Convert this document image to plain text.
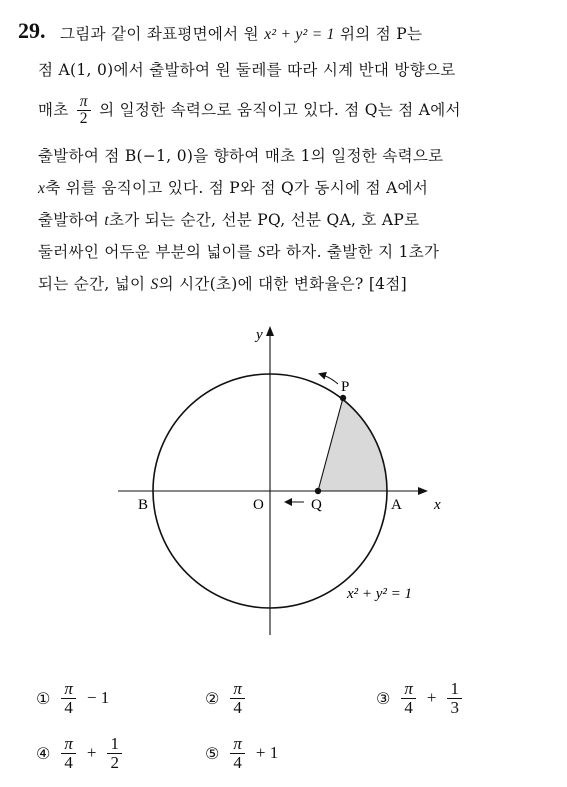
29. 그림과 같이 좌표평면에서 원 x² + y² = 1 위의 점 P는
점 A(1, 0)에서 출발하여 원 둘레를 따라 시계 반대 방향으로
매초 $\frac{\pi}{2}$ 의 일정한 속력으로 움직이고 있다. 점 Q는 점 A에서
출발하여 점 B(−1, 0)을 향하여 매초 1의 일정한 속력으로
x축 위를 움직이고 있다. 점 P와 점 Q가 동시에 점 A에서
출발하여 t초가 되는 순간, 선분 PQ, 선분 QA, 호 AP로
둘러싸인 어두운 부분의 넓이를 S라 하자. 출발한 지 1초가
되는 순간, 넓이 S의 시간(초)에 대한 변화율은? [4점]
y
x
O	A
B
P
Q
x² + y² = 1
① $\frac{\pi}{4} - 1$	② $\frac{\pi}{4}$	③ $\frac{\pi}{4} + \frac{1}{3}$
④ $\frac{\pi}{4} + \frac{1}{2}$	⑤ $\frac{\pi}{4} + 1$
